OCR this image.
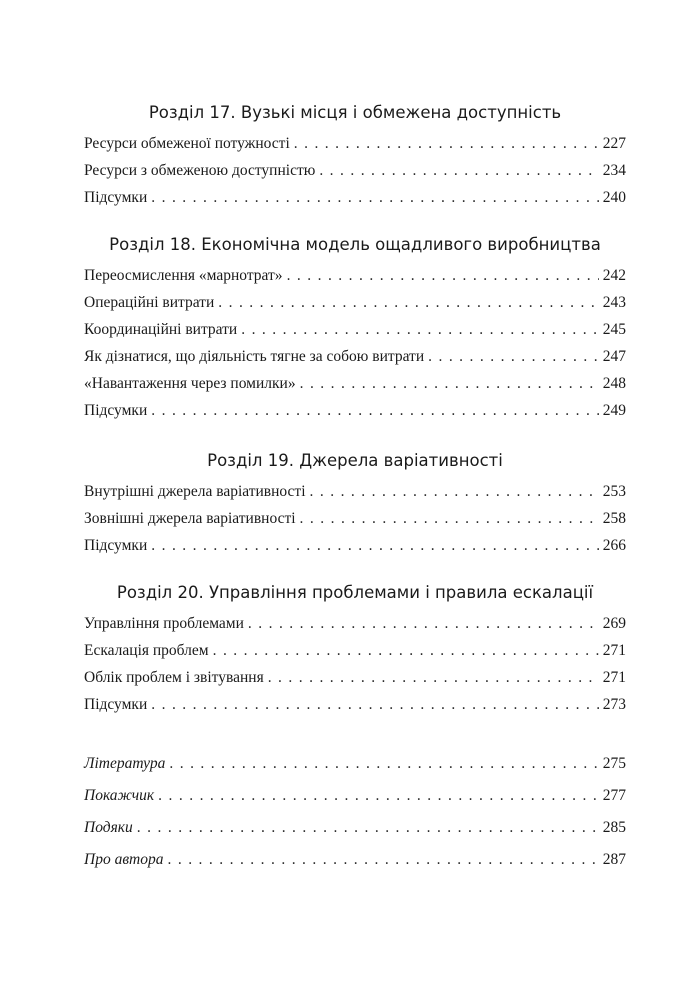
Розділ 17. Вузькі місця і обмежена доступність
Ресурси обмеженої потужності . . .	227
Ресурси з обмеженою доступністю . . .	234
Підсумки . . .	240
Розділ 18. Економічна модель ощадливого виробництва
Переосмислення «марнотрат» . . .	242
Операційні витрати . . .	243
Координаційні витрати . . .	245
Як дізнатися, що діяльність тягне за собою витрати . . .	247
«Навантаження через помилки» . . .	248
Підсумки . . .	249
Розділ 19. Джерела варіативності
Внутрішні джерела варіативності . . .	253
Зовнішні джерела варіативності . . .	258
Підсумки . . .	266
Розділ 20. Управління проблемами і правила ескалації
Управління проблемами . . .	269
Ескалація проблем . . .	271
Облік проблем і звітування . . .	271
Підсумки . . .	273
Література . . .	275
Покажчик . . .	277
Подяки . . .	285
Про автора . . .	287
